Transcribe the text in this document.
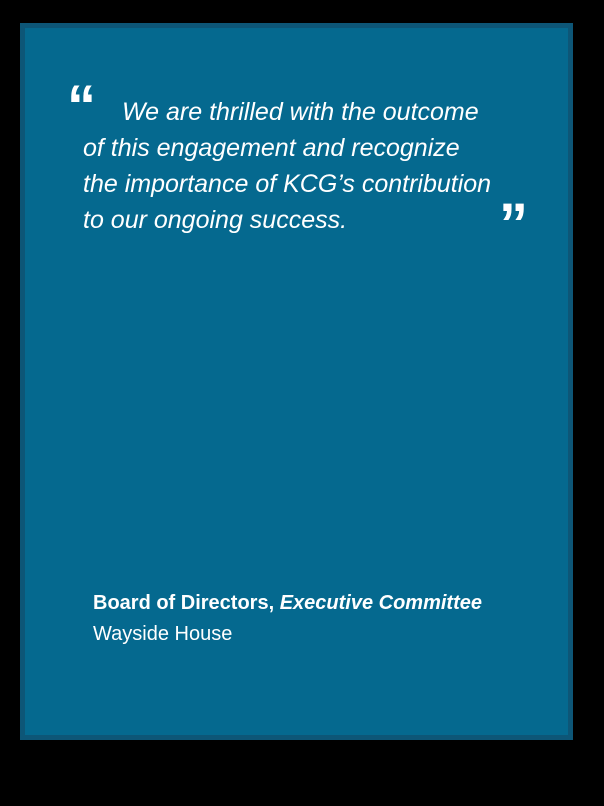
“	We are thrilled with the outcome
of this engagement and recognize
the importance of KCG’s contribution
to our ongoing success.	”
Board of Directors, Executive Committee
Wayside House
